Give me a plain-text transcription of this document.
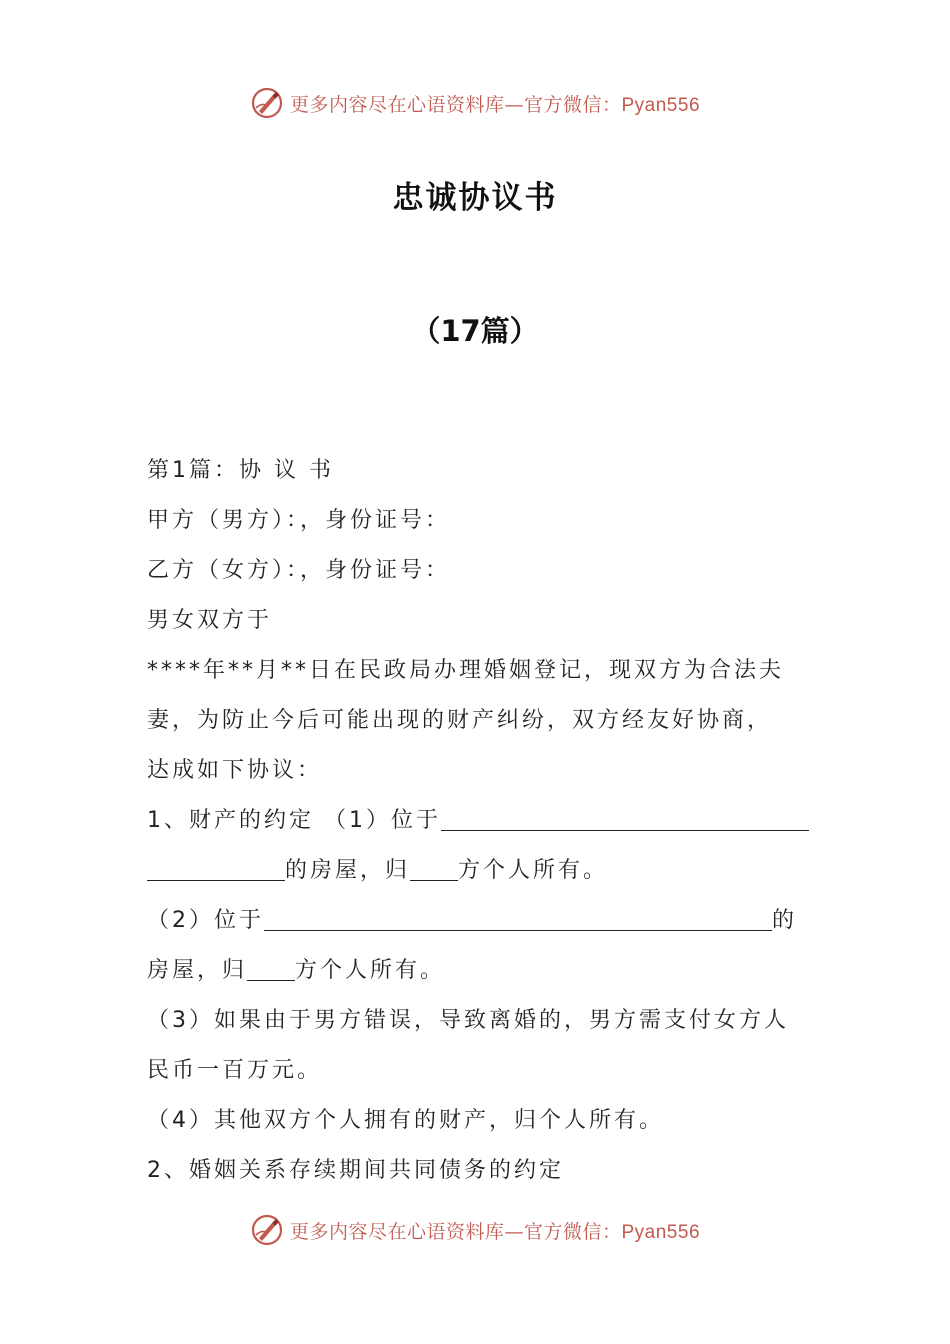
更多内容尽在心语资料库—官方微信：Pyan556
忠诚协议书
（17篇）
第1篇：协 议 书
甲方（男方）：，身份证号：
乙方（女方）：，身份证号：
男女双方于
****年**月**日在民政局办理婚姻登记，现双方为合法夫
妻，为防止今后可能出现的财产纠纷，双方经友好协商，
达成如下协议：
1、财产的约定 （1）位于
的房屋，归 方个人所有。
（2）位于	的
房屋，归 方个人所有。
（3）如果由于男方错误，导致离婚的，男方需支付女方人
民币一百万元。
（4）其他双方个人拥有的财产，归个人所有。
2、婚姻关系存续期间共同债务的约定
更多内容尽在心语资料库—官方微信：Pyan556
